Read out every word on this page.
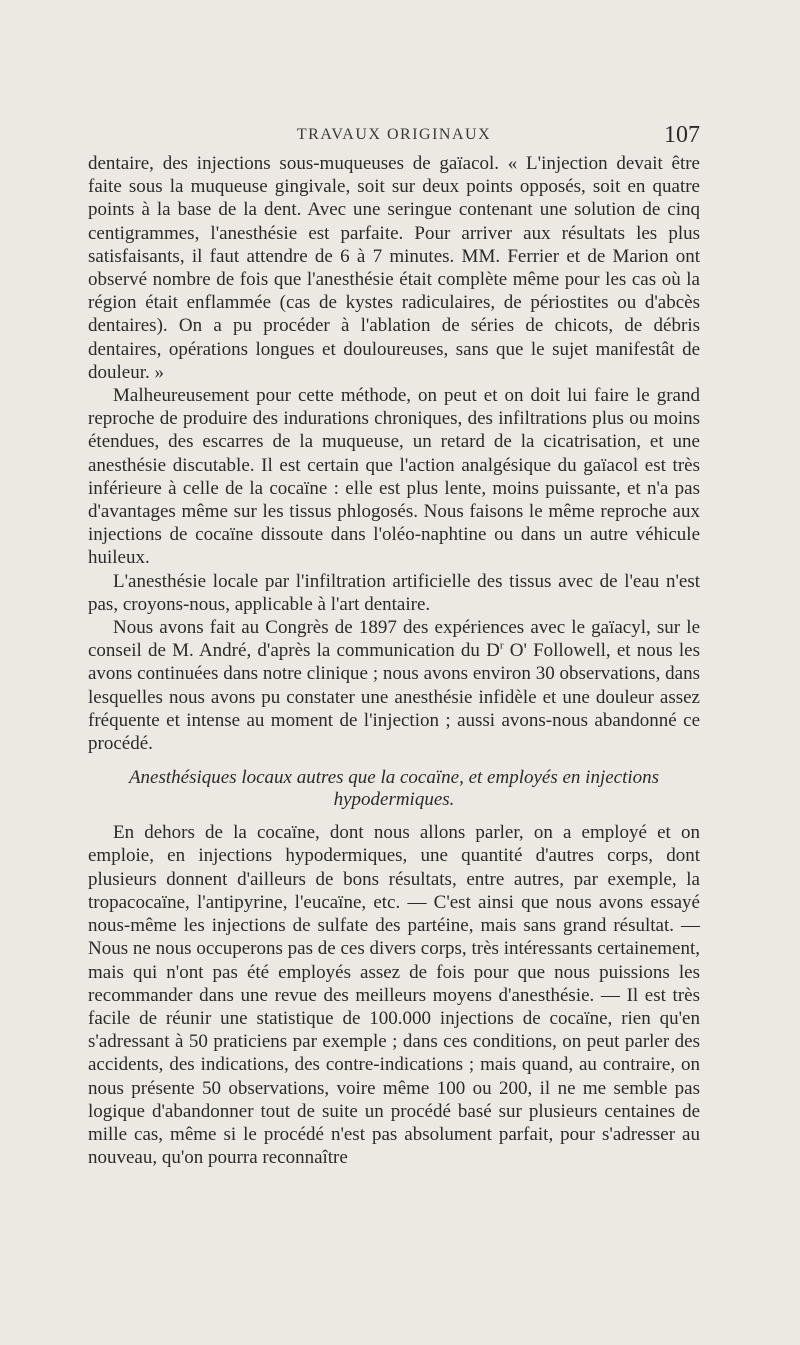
TRAVAUX ORIGINAUX	107

dentaire, des injections sous-muqueuses de gaïacol. « L'injection devait être faite sous la muqueuse gingivale, soit sur deux points opposés, soit en quatre points à la base de la dent. Avec une seringue contenant une solution de cinq centigrammes, l'anesthésie est parfaite. Pour arriver aux résultats les plus satisfaisants, il faut attendre de 6 à 7 minutes. MM. Ferrier et de Marion ont observé nombre de fois que l'anesthésie était complète même pour les cas où la région était enflammée (cas de kystes radiculaires, de périostites ou d'abcès dentaires). On a pu procéder à l'ablation de séries de chicots, de débris dentaires, opérations longues et douloureuses, sans que le sujet manifestât de douleur. »

Malheureusement pour cette méthode, on peut et on doit lui faire le grand reproche de produire des indurations chroniques, des infiltrations plus ou moins étendues, des escarres de la muqueuse, un retard de la cicatrisation, et une anesthésie discutable. Il est certain que l'action analgésique du gaïacol est très inférieure à celle de la cocaïne : elle est plus lente, moins puissante, et n'a pas d'avantages même sur les tissus phlogosés. Nous faisons le même reproche aux injections de cocaïne dissoute dans l'oléo-naphtine ou dans un autre véhicule huileux.

L'anesthésie locale par l'infiltration artificielle des tissus avec de l'eau n'est pas, croyons-nous, applicable à l'art dentaire.

Nous avons fait au Congrès de 1897 des expériences avec le gaïacyl, sur le conseil de M. André, d'après la communication du $D^r$ O' Followell, et nous les avons continuées dans notre clinique ; nous avons environ 30 observations, dans lesquelles nous avons pu constater une anesthésie infidèle et une douleur assez fréquente et intense au moment de l'injection ; aussi avons-nous abandonné ce procédé.

Anesthésiques locaux autres que la cocaïne, et employés en injections
hypodermiques.

En dehors de la cocaïne, dont nous allons parler, on a employé et on emploie, en injections hypodermiques, une quantité d'autres corps, dont plusieurs donnent d'ailleurs de bons résultats, entre autres, par exemple, la tropacocaïne, l'antipyrine, l'eucaïne, etc. — C'est ainsi que nous avons essayé nous-même les injections de sulfate des partéine, mais sans grand résultat. — Nous ne nous occuperons pas de ces divers corps, très intéressants certainement, mais qui n'ont pas été employés assez de fois pour que nous puissions les recommander dans une revue des meilleurs moyens d'anesthésie. — Il est très facile de réunir une statistique de 100.000 injections de cocaïne, rien qu'en s'adressant à 50 praticiens par exemple ; dans ces conditions, on peut parler des accidents, des indications, des contre-indications ; mais quand, au contraire, on nous présente 50 observations, voire même 100 ou 200, il ne me semble pas logique d'abandonner tout de suite un procédé basé sur plusieurs centaines de mille cas, même si le procédé n'est pas absolument parfait, pour s'adresser au nouveau, qu'on pourra reconnaître
